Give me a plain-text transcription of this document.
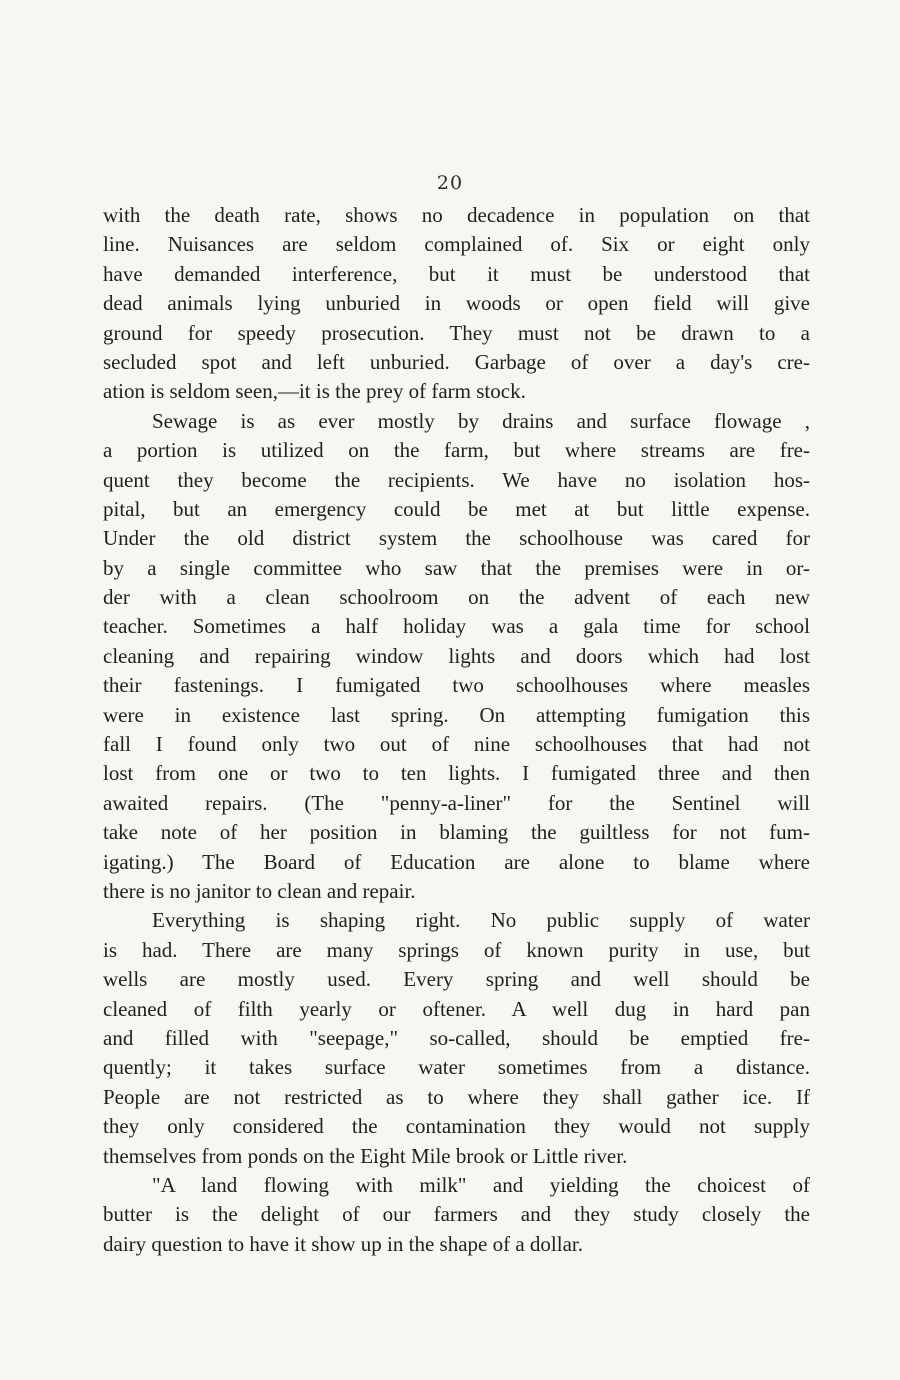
20
with the death rate, shows no decadence in population on that
line. Nuisances are seldom complained of. Six or eight only
have demanded interference, but it must be understood that
dead animals lying unburied in woods or open field will give
ground for speedy prosecution. They must not be drawn to a
secluded spot and left unburied. Garbage of over a day's cre-
ation is seldom seen,—it is the prey of farm stock.
Sewage is as ever mostly by drains and surface flowage ,
a portion is utilized on the farm, but where streams are fre-
quent they become the recipients. We have no isolation hos-
pital, but an emergency could be met at but little expense.
Under the old district system the schoolhouse was cared for
by a single committee who saw that the premises were in or-
der with a clean schoolroom on the advent of each new
teacher. Sometimes a half holiday was a gala time for school
cleaning and repairing window lights and doors which had lost
their fastenings. I fumigated two schoolhouses where measles
were in existence last spring. On attempting fumigation this
fall I found only two out of nine schoolhouses that had not
lost from one or two to ten lights. I fumigated three and then
awaited repairs. (The "penny-a-liner" for the Sentinel will
take note of her position in blaming the guiltless for not fum-
igating.) The Board of Education are alone to blame where
there is no janitor to clean and repair.
Everything is shaping right. No public supply of water
is had. There are many springs of known purity in use, but
wells are mostly used. Every spring and well should be
cleaned of filth yearly or oftener. A well dug in hard pan
and filled with "seepage," so-called, should be emptied fre-
quently; it takes surface water sometimes from a distance.
People are not restricted as to where they shall gather ice. If
they only considered the contamination they would not supply
themselves from ponds on the Eight Mile brook or Little river.
"A land flowing with milk" and yielding the choicest of
butter is the delight of our farmers and they study closely the
dairy question to have it show up in the shape of a dollar.
